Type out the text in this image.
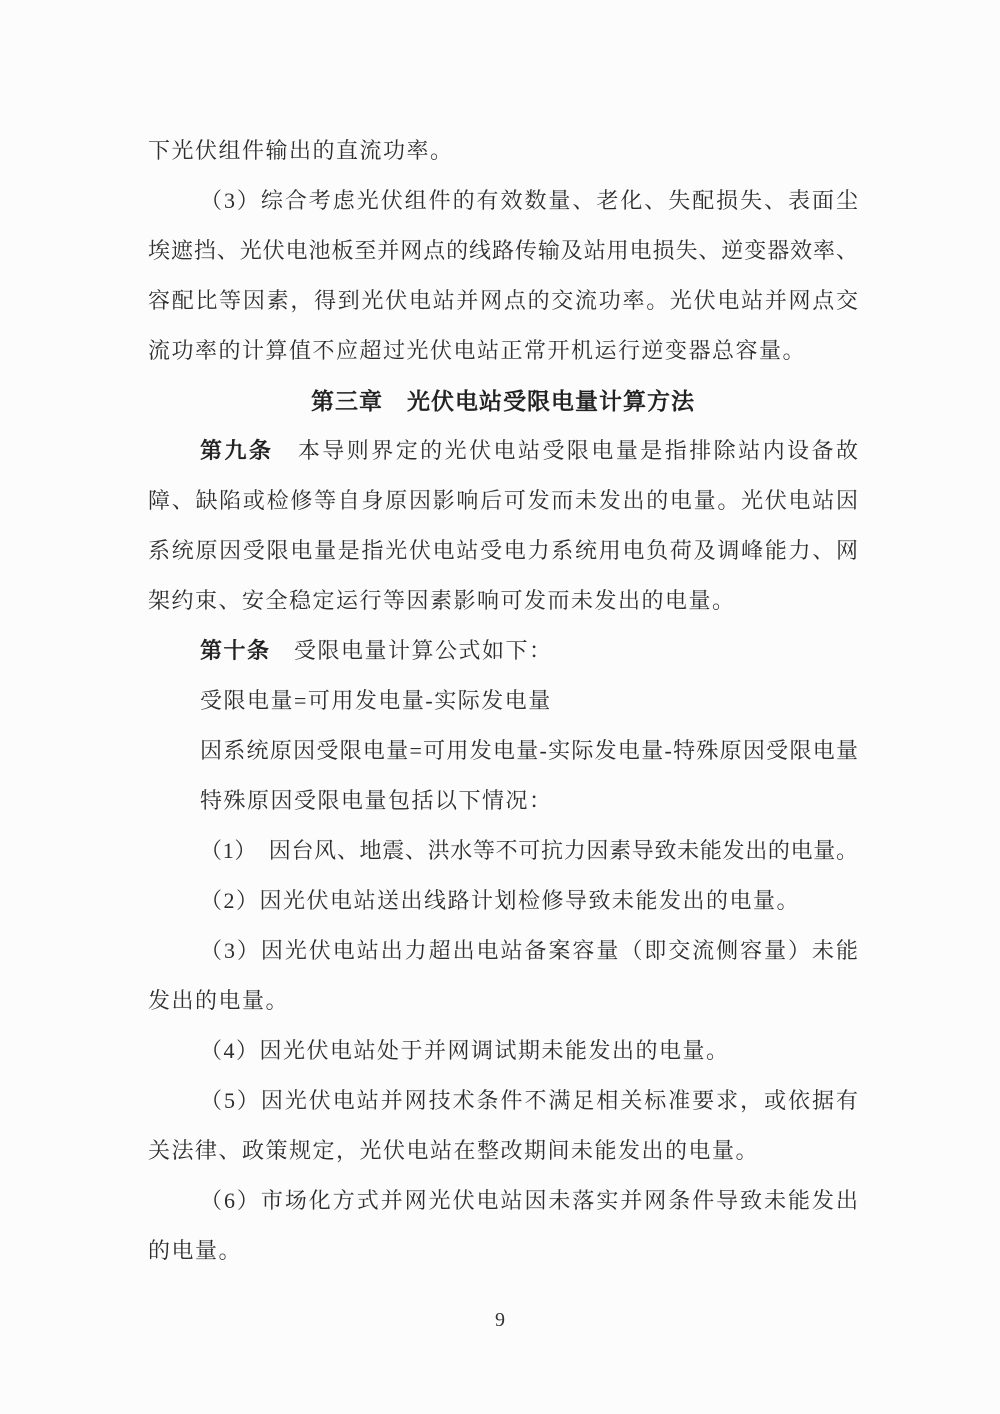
下光伏组件输出的直流功率。
（3）综合考虑光伏组件的有效数量、老化、失配损失、表面尘
埃遮挡、光伏电池板至并网点的线路传输及站用电损失、逆变器效率、
容配比等因素，得到光伏电站并网点的交流功率。光伏电站并网点交
流功率的计算值不应超过光伏电站正常开机运行逆变器总容量。
第三章　光伏电站受限电量计算方法
第九条　本导则界定的光伏电站受限电量是指排除站内设备故
障、缺陷或检修等自身原因影响后可发而未发出的电量。光伏电站因
系统原因受限电量是指光伏电站受电力系统用电负荷及调峰能力、网
架约束、安全稳定运行等因素影响可发而未发出的电量。
第十条　受限电量计算公式如下：
受限电量=可用发电量-实际发电量
因系统原因受限电量=可用发电量-实际发电量-特殊原因受限电量
特殊原因受限电量包括以下情况：
（1）　因台风、地震、洪水等不可抗力因素导致未能发出的电量。
（2）因光伏电站送出线路计划检修导致未能发出的电量。
（3）因光伏电站出力超出电站备案容量（即交流侧容量）未能
发出的电量。
（4）因光伏电站处于并网调试期未能发出的电量。
（5）因光伏电站并网技术条件不满足相关标准要求，或依据有
关法律、政策规定，光伏电站在整改期间未能发出的电量。
（6）市场化方式并网光伏电站因未落实并网条件导致未能发出
的电量。
9
